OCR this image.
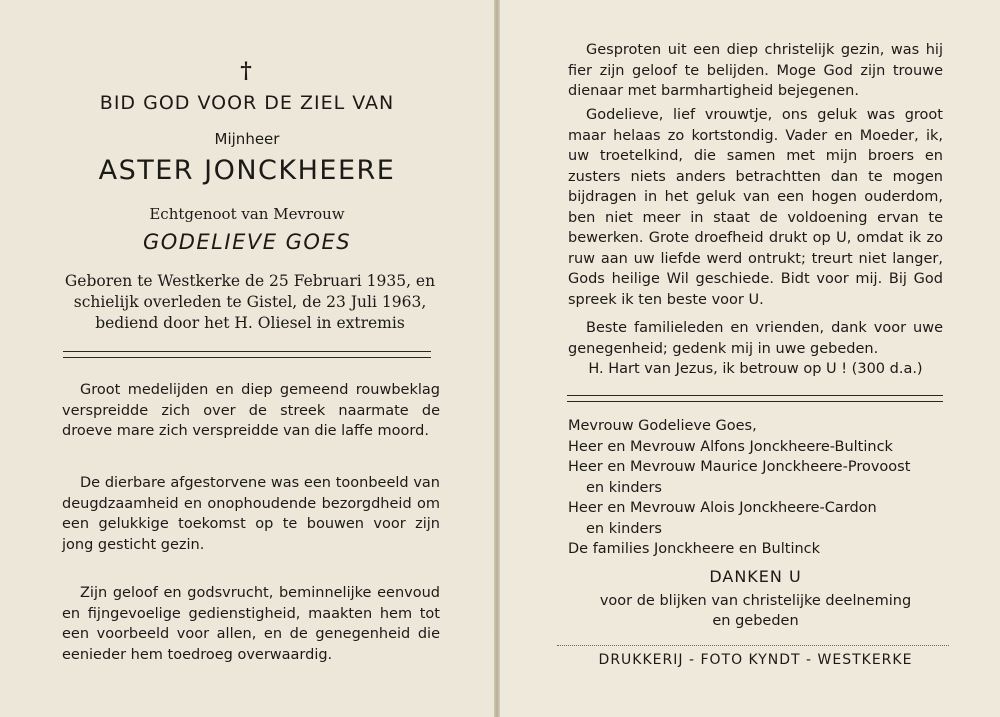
†
BID GOD VOOR DE ZIEL VAN
Mijnheer
ASTER JONCKHEERE
Echtgenoot van Mevrouw
GODELIEVE GOES
Geboren te Westkerke de 25 Februari 1935, en
schielijk overleden te Gistel, de 23 Juli 1963,
bediend door het H. Oliesel in extremis
Groot medelijden en diep gemeend rouwbeklag verspreidde zich over de streek naarmate de droeve mare zich verspreidde van die laffe moord.
De dierbare afgestorvene was een toonbeeld van deugdzaamheid en onophoudende bezorgdheid om een gelukkige toekomst op te bouwen voor zijn jong gesticht gezin.
Zijn geloof en godsvrucht, beminnelijke eenvoud en fijngevoelige gedienstigheid, maakten hem tot een voorbeeld voor allen, en de genegenheid die eenieder hem toedroeg overwaardig.
Gesproten uit een diep christelijk gezin, was hij fier zijn geloof te belijden. Moge God zijn trouwe dienaar met barmhartigheid bejegenen.
Godelieve, lief vrouwtje, ons geluk was groot maar helaas zo kortstondig. Vader en Moeder, ik, uw troetelkind, die samen met mijn broers en zusters niets anders betrachtten dan te mogen bijdragen in het geluk van een hogen ouderdom, ben niet meer in staat de voldoening ervan te bewerken. Grote droefheid drukt op U, omdat ik zo ruw aan uw liefde werd ontrukt; treurt niet langer, Gods heilige Wil geschiede. Bidt voor mij. Bij God spreek ik ten beste voor U.
Beste familieleden en vrienden, dank voor uwe genegenheid; gedenk mij in uwe gebeden.
H. Hart van Jezus, ik betrouw op U ! (300 d.a.)
Mevrouw Godelieve Goes,
Heer en Mevrouw Alfons Jonckheere-Bultinck
Heer en Mevrouw Maurice Jonckheere-Provoost
en kinders
Heer en Mevrouw Alois Jonckheere-Cardon
en kinders
De families Jonckheere en Bultinck
DANKEN U
voor de blijken van christelijke deelneming
en gebeden
DRUKKERIJ - FOTO KYNDT - WESTKERKE
